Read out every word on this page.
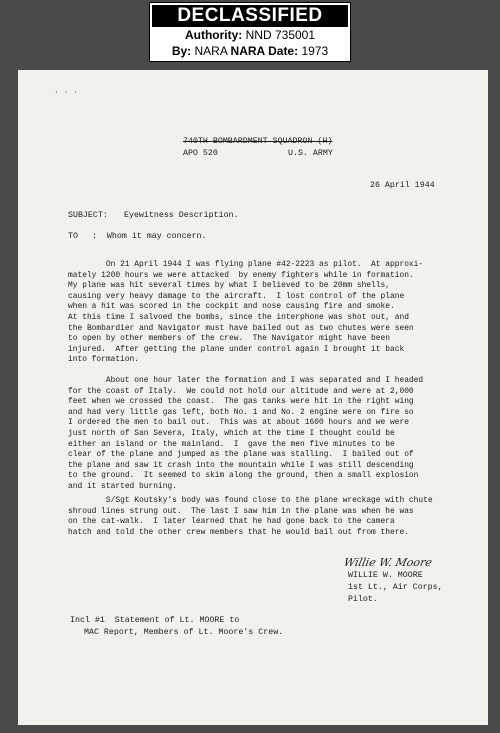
DECLASSIFIED
Authority: NND 735001
By: NARA NARA Date: 1973
· · ·
740TH BOMBARDMENT SQUADRON (H)
APO 520	U.S. ARMY
26 April 1944
SUBJECT: Eyewitness Description.
TO :  Whom it may concern.
On 21 April 1944 I was flying plane #42-2223 as pilot.  At approxi-
mately 1200 hours we were attacked  by enemy fighters while in formation.
My plane was hit several times by what I believed to be 20mm shells,
causing very heavy damage to the aircraft.  I lost control of the plane
when a hit was scored in the cockpit and nose causing fire and smoke.
At this time I salvoed the bombs, since the interphone was shot out, and
the Bombardier and Navigator must have bailed out as two chutes were seen
to open by other members of the crew.  The Navigator might have been
injured.  After getting the plane under control again I brought it back
into formation.
About one hour later the formation and I was separated and I headed
for the coast of Italy.  We could not hold our altitude and were at 2,000
feet when we crossed the coast.  The gas tanks were hit in the right wing
and had very little gas left, both No. 1 and No. 2 engine were on fire so
I ordered the men to bail out.  This was at about 1600 hours and we were
just north of San Severa, Italy, which at the time I thought could be
either an island or the mainland.  I  gave the men five minutes to be
clear of the plane and jumped as the plane was stalling.  I bailed out of
the plane and saw it crash into the mountain while I was still descending
to the ground.  It seemed to skim along the ground, then a small explosion
and it started burning.
S/Sgt Koutsky's body was found close to the plane wreckage with chute
shroud lines strung out.  The last I saw him in the plane was when he was
on the cat-walk.  I later learned that he had gone back to the camera
hatch and told the other crew members that he would bail out from there.
Willie W. Moore
WILLIE W. MOORE
1st Lt., Air Corps,
Pilot.
Incl #1  Statement of Lt. MOORE to
MAC Report, Members of Lt. Moore's Crew.
